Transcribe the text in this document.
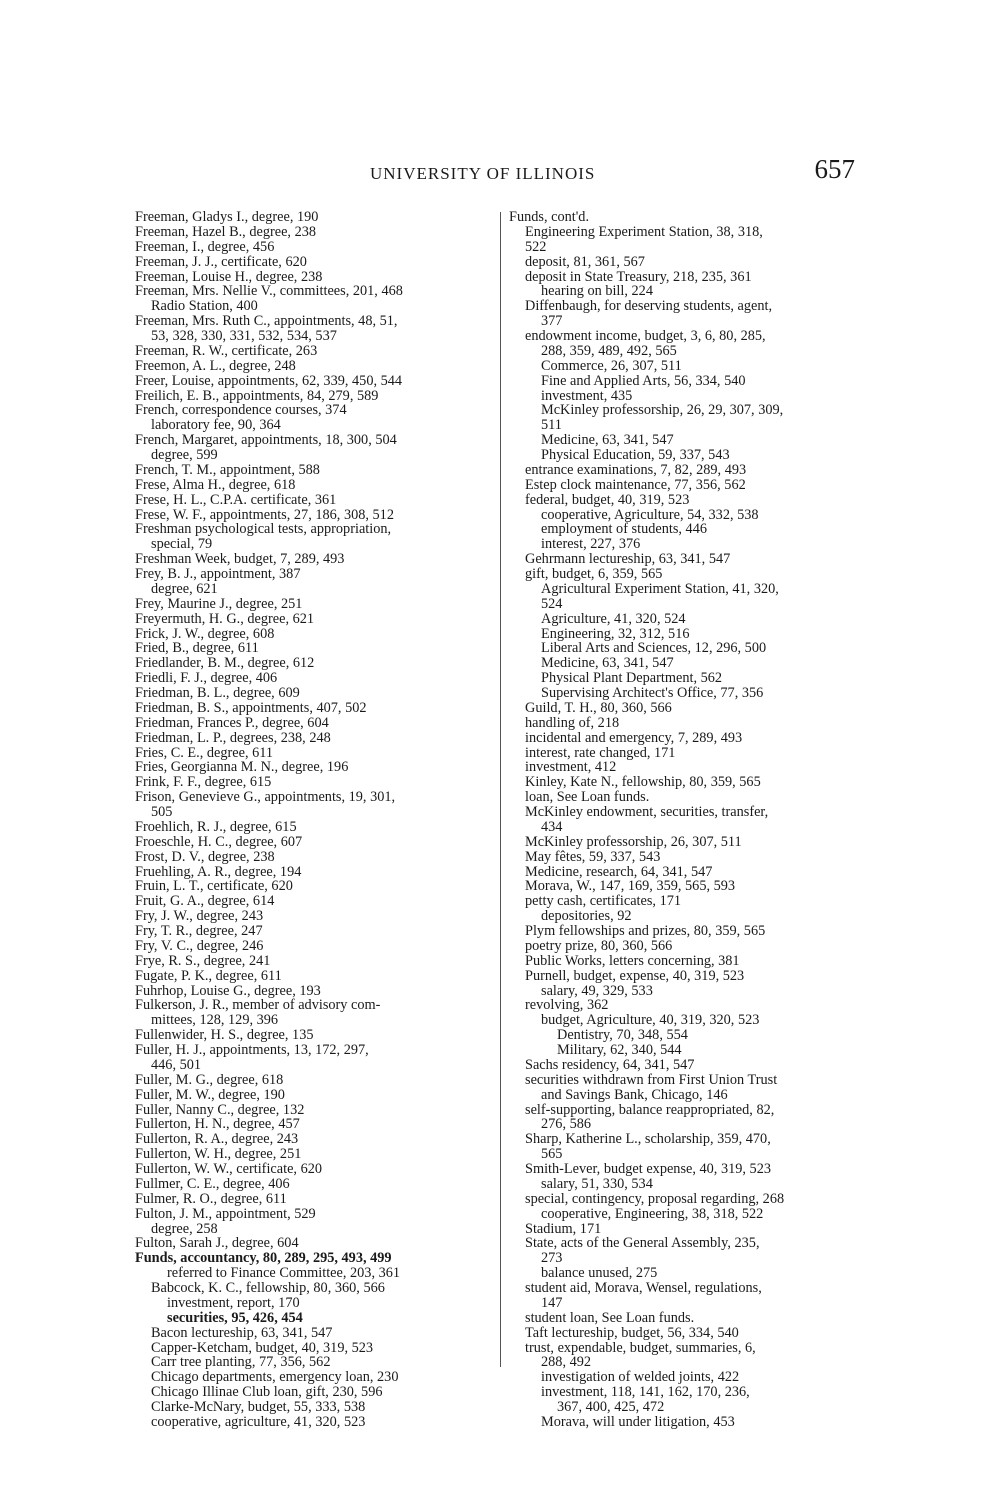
UNIVERSITY OF ILLINOIS	657
Freeman, Gladys I., degree, 190
Freeman, Hazel B., degree, 238
Freeman, I., degree, 456
Freeman, J. J., certificate, 620
Freeman, Louise H., degree, 238
Freeman, Mrs. Nellie V., committees, 201, 468
Radio Station, 400
Freeman, Mrs. Ruth C., appointments, 48, 51,
53, 328, 330, 331, 532, 534, 537
Freeman, R. W., certificate, 263
Freemon, A. L., degree, 248
Freer, Louise, appointments, 62, 339, 450, 544
Freilich, E. B., appointments, 84, 279, 589
French, correspondence courses, 374
laboratory fee, 90, 364
French, Margaret, appointments, 18, 300, 504
degree, 599
French, T. M., appointment, 588
Frese, Alma H., degree, 618
Frese, H. L., C.P.A. certificate, 361
Frese, W. F., appointments, 27, 186, 308, 512
Freshman psychological tests, appropriation,
special, 79
Freshman Week, budget, 7, 289, 493
Frey, B. J., appointment, 387
degree, 621
Frey, Maurine J., degree, 251
Freyermuth, H. G., degree, 621
Frick, J. W., degree, 608
Fried, B., degree, 611
Friedlander, B. M., degree, 612
Friedli, F. J., degree, 406
Friedman, B. L., degree, 609
Friedman, B. S., appointments, 407, 502
Friedman, Frances P., degree, 604
Friedman, L. P., degrees, 238, 248
Fries, C. E., degree, 611
Fries, Georgianna M. N., degree, 196
Frink, F. F., degree, 615
Frison, Genevieve G., appointments, 19, 301,
505
Froehlich, R. J., degree, 615
Froeschle, H. C., degree, 607
Frost, D. V., degree, 238
Fruehling, A. R., degree, 194
Fruin, L. T., certificate, 620
Fruit, G. A., degree, 614
Fry, J. W., degree, 243
Fry, T. R., degree, 247
Fry, V. C., degree, 246
Frye, R. S., degree, 241
Fugate, P. K., degree, 611
Fuhrhop, Louise G., degree, 193
Fulkerson, J. R., member of advisory com-
mittees, 128, 129, 396
Fullenwider, H. S., degree, 135
Fuller, H. J., appointments, 13, 172, 297,
446, 501
Fuller, M. G., degree, 618
Fuller, M. W., degree, 190
Fuller, Nanny C., degree, 132
Fullerton, H. N., degree, 457
Fullerton, R. A., degree, 243
Fullerton, W. H., degree, 251
Fullerton, W. W., certificate, 620
Fullmer, C. E., degree, 406
Fulmer, R. O., degree, 611
Fulton, J. M., appointment, 529
degree, 258
Fulton, Sarah J., degree, 604
Funds, accountancy, 80, 289, 295, 493, 499
referred to Finance Committee, 203, 361
Babcock, K. C., fellowship, 80, 360, 566
investment, report, 170
securities, 95, 426, 454
Bacon lectureship, 63, 341, 547
Capper-Ketcham, budget, 40, 319, 523
Carr tree planting, 77, 356, 562
Chicago departments, emergency loan, 230
Chicago Illinae Club loan, gift, 230, 596
Clarke-McNary, budget, 55, 333, 538
cooperative, agriculture, 41, 320, 523
Funds, cont'd.
Engineering Experiment Station, 38, 318,
522
deposit, 81, 361, 567
deposit in State Treasury, 218, 235, 361
hearing on bill, 224
Diffenbaugh, for deserving students, agent,
377
endowment income, budget, 3, 6, 80, 285,
288, 359, 489, 492, 565
Commerce, 26, 307, 511
Fine and Applied Arts, 56, 334, 540
investment, 435
McKinley professorship, 26, 29, 307, 309,
511
Medicine, 63, 341, 547
Physical Education, 59, 337, 543
entrance examinations, 7, 82, 289, 493
Estep clock maintenance, 77, 356, 562
federal, budget, 40, 319, 523
cooperative, Agriculture, 54, 332, 538
employment of students, 446
interest, 227, 376
Gehrmann lectureship, 63, 341, 547
gift, budget, 6, 359, 565
Agricultural Experiment Station, 41, 320,
524
Agriculture, 41, 320, 524
Engineering, 32, 312, 516
Liberal Arts and Sciences, 12, 296, 500
Medicine, 63, 341, 547
Physical Plant Department, 562
Supervising Architect's Office, 77, 356
Guild, T. H., 80, 360, 566
handling of, 218
incidental and emergency, 7, 289, 493
interest, rate changed, 171
investment, 412
Kinley, Kate N., fellowship, 80, 359, 565
loan, See Loan funds.
McKinley endowment, securities, transfer,
434
McKinley professorship, 26, 307, 511
May fêtes, 59, 337, 543
Medicine, research, 64, 341, 547
Morava, W., 147, 169, 359, 565, 593
petty cash, certificates, 171
depositories, 92
Plym fellowships and prizes, 80, 359, 565
poetry prize, 80, 360, 566
Public Works, letters concerning, 381
Purnell, budget, expense, 40, 319, 523
salary, 49, 329, 533
revolving, 362
budget, Agriculture, 40, 319, 320, 523
Dentistry, 70, 348, 554
Military, 62, 340, 544
Sachs residency, 64, 341, 547
securities withdrawn from First Union Trust
and Savings Bank, Chicago, 146
self-supporting, balance reappropriated, 82,
276, 586
Sharp, Katherine L., scholarship, 359, 470,
565
Smith-Lever, budget expense, 40, 319, 523
salary, 51, 330, 534
special, contingency, proposal regarding, 268
cooperative, Engineering, 38, 318, 522
Stadium, 171
State, acts of the General Assembly, 235,
273
balance unused, 275
student aid, Morava, Wensel, regulations,
147
student loan, See Loan funds.
Taft lectureship, budget, 56, 334, 540
trust, expendable, budget, summaries, 6,
288, 492
investigation of welded joints, 422
investment, 118, 141, 162, 170, 236,
367, 400, 425, 472
Morava, will under litigation, 453
